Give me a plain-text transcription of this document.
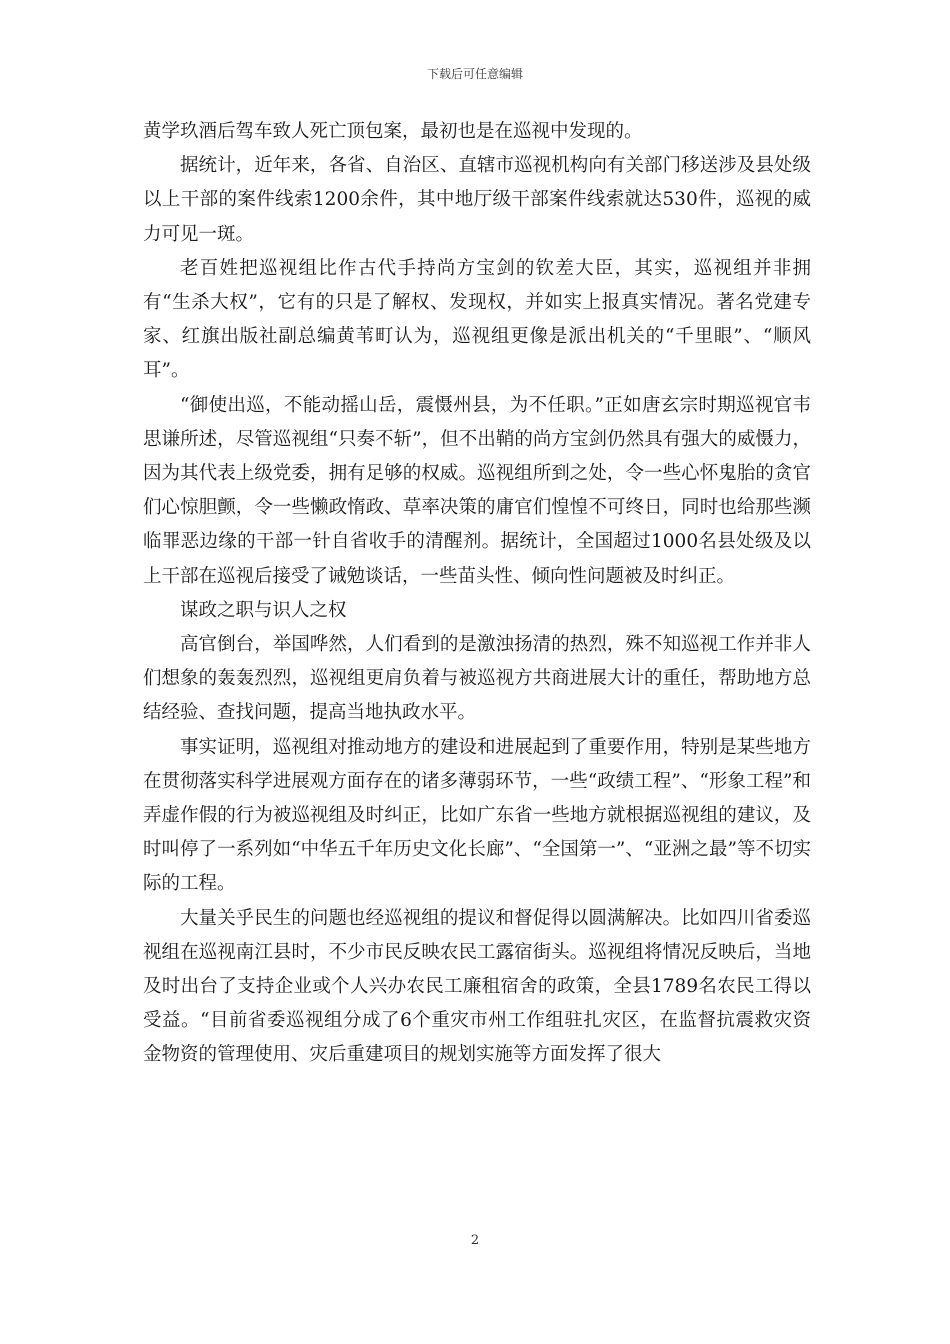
下载后可任意编辑

黄学玖酒后驾车致人死亡顶包案，最初也是在巡视中发现的。

据统计，近年来，各省、自治区、直辖市巡视机构向有关部门移送涉及县处级以上干部的案件线索1200余件，其中地厅级干部案件线索就达530件，巡视的威力可见一斑。

老百姓把巡视组比作古代手持尚方宝剑的钦差大臣，其实，巡视组并非拥有“生杀大权”，它有的只是了解权、发现权，并如实上报真实情况。著名党建专家、红旗出版社副总编黄苇町认为，巡视组更像是派出机关的“千里眼”、“顺风耳”。

“御使出巡，不能动摇山岳，震慑州县，为不任职。”正如唐玄宗时期巡视官韦思谦所述，尽管巡视组“只奏不斩”，但不出鞘的尚方宝剑仍然具有强大的威慑力，因为其代表上级党委，拥有足够的权威。巡视组所到之处，令一些心怀鬼胎的贪官们心惊胆颤，令一些懒政惰政、草率决策的庸官们惶惶不可终日，同时也给那些濒临罪恶边缘的干部一针自省收手的清醒剂。据统计，全国超过1000名县处级及以上干部在巡视后接受了诫勉谈话，一些苗头性、倾向性问题被及时纠正。

谋政之职与识人之权

高官倒台，举国哗然，人们看到的是激浊扬清的热烈，殊不知巡视工作并非人们想象的轰轰烈烈，巡视组更肩负着与被巡视方共商进展大计的重任，帮助地方总结经验、查找问题，提高当地执政水平。

事实证明，巡视组对推动地方的建设和进展起到了重要作用，特别是某些地方在贯彻落实科学进展观方面存在的诸多薄弱环节，一些“政绩工程”、“形象工程”和弄虚作假的行为被巡视组及时纠正，比如广东省一些地方就根据巡视组的建议，及时叫停了一系列如“中华五千年历史文化长廊”、“全国第一”、“亚洲之最”等不切实际的工程。

大量关乎民生的问题也经巡视组的提议和督促得以圆满解决。比如四川省委巡视组在巡视南江县时，不少市民反映农民工露宿街头。巡视组将情况反映后，当地及时出台了支持企业或个人兴办农民工廉租宿舍的政策，全县1789名农民工得以受益。“目前省委巡视组分成了6个重灾市州工作组驻扎灾区，在监督抗震救灾资金物资的管理使用、灾后重建项目的规划实施等方面发挥了很大

2
